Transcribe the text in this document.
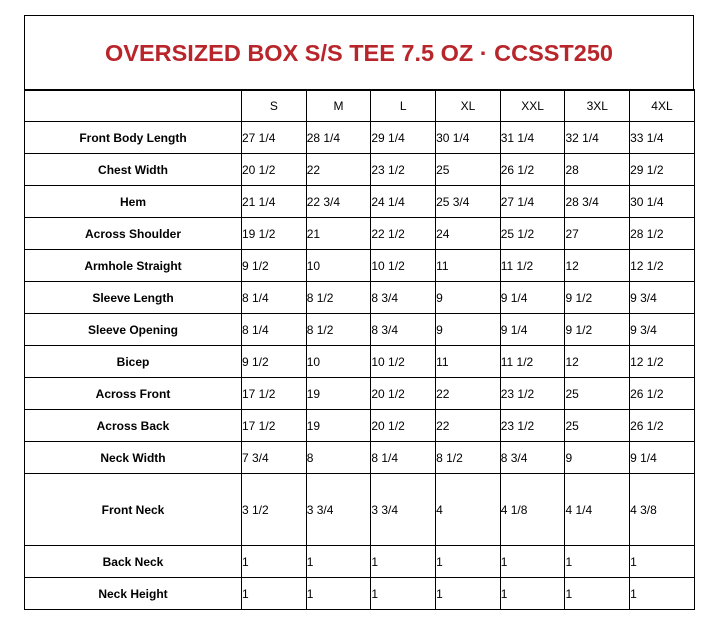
OVERSIZED BOX S/S TEE 7.5 OZ · CCSST250
	S	M	L	XL	XXL	3XL	4XL
Front Body Length	27 1/4	28 1/4	29 1/4	30 1/4	31 1/4	32 1/4	33 1/4
Chest Width	20 1/2	22	23 1/2	25	26 1/2	28	29 1/2
Hem	21 1/4	22 3/4	24 1/4	25 3/4	27 1/4	28 3/4	30 1/4
Across Shoulder	19 1/2	21	22 1/2	24	25 1/2	27	28 1/2
Armhole Straight	9 1/2	10	10 1/2	11	11 1/2	12	12 1/2
Sleeve Length	8 1/4	8 1/2	8 3/4	9	9 1/4	9 1/2	9 3/4
Sleeve Opening	8 1/4	8 1/2	8 3/4	9	9 1/4	9 1/2	9 3/4
Bicep	9 1/2	10	10 1/2	11	11 1/2	12	12 1/2
Across Front	17 1/2	19	20 1/2	22	23 1/2	25	26 1/2
Across Back	17 1/2	19	20 1/2	22	23 1/2	25	26 1/2
Neck Width	7 3/4	8	8 1/4	8 1/2	8 3/4	9	9 1/4
Front Neck	3 1/2	3 3/4	3 3/4	4	4 1/8	4 1/4	4 3/8
Back Neck	1	1	1	1	1	1	1
Neck Height	1	1	1	1	1	1	1
